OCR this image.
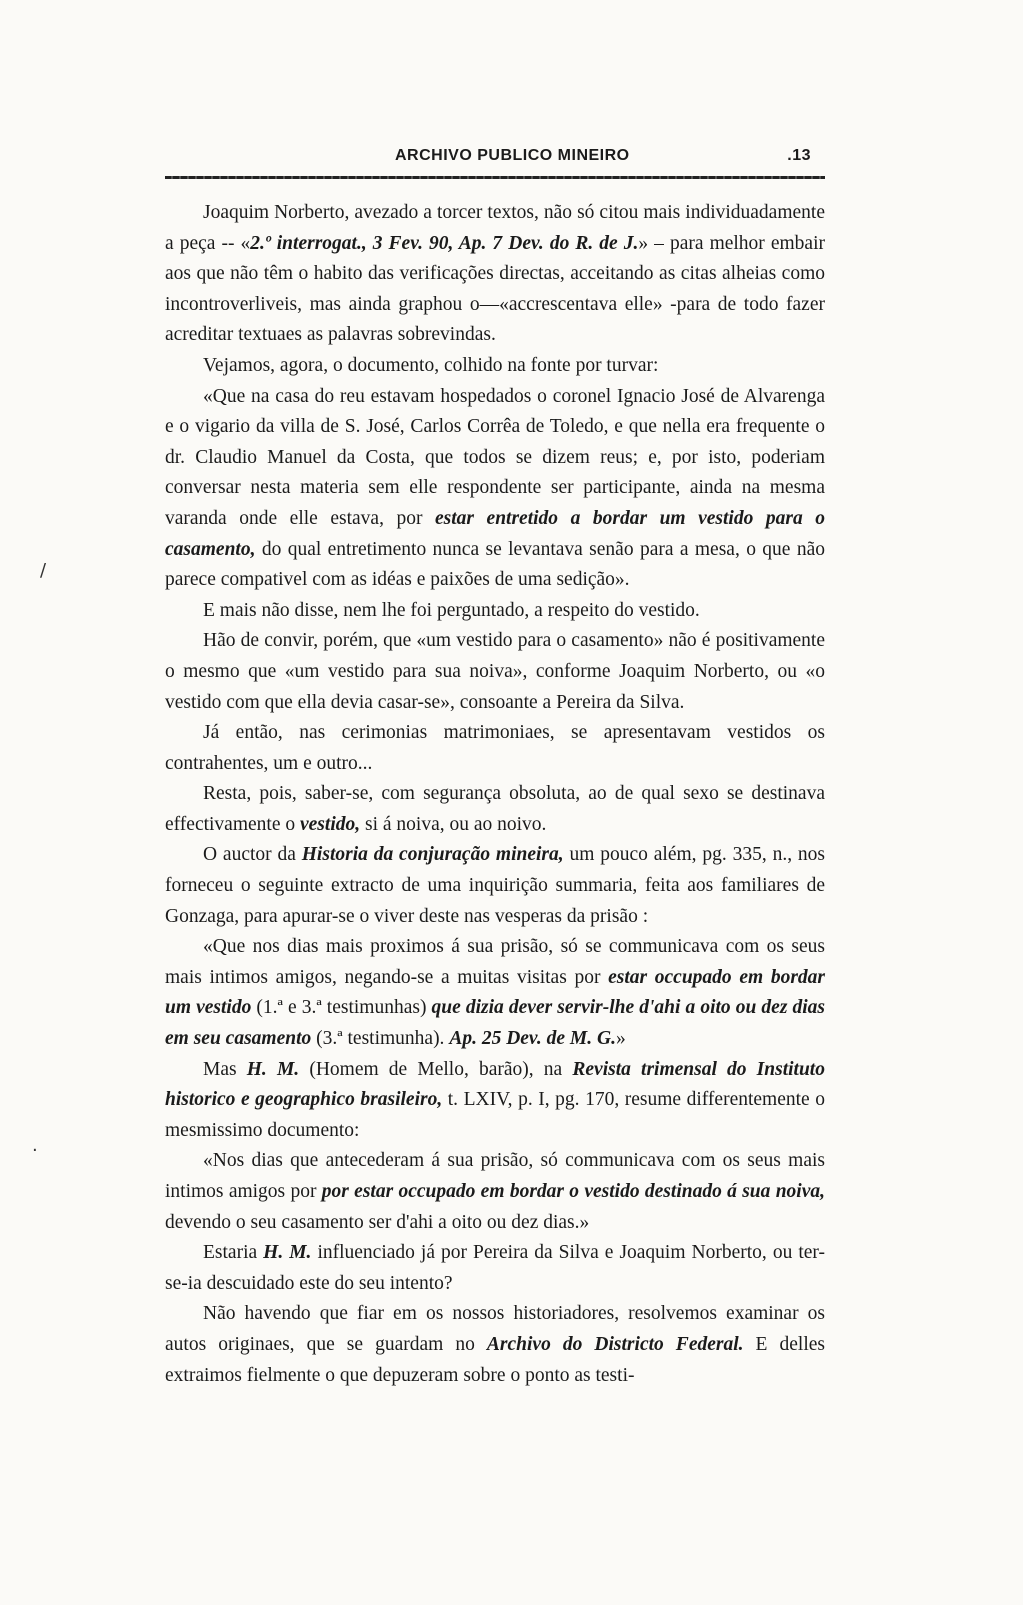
ARCHIVO PUBLICO MINEIRO	.13

Joaquim Norberto, avezado a torcer textos, não só citou mais individuadamente a peça -- «2.º interrogat., 3 Fev. 90, Ap. 7 Dev. do R. de J.» – para melhor embair aos que não têm o habito das verificações directas, acceitando as citas alheias como incontroverliveis, mas ainda graphou o—«accrescentava elle» -para de todo fazer acreditar textuaes as palavras sobrevindas.

Vejamos, agora, o documento, colhido na fonte por turvar:

«Que na casa do reu estavam hospedados o coronel Ignacio José de Alvarenga e o vigario da villa de S. José, Carlos Corrêa de Toledo, e que nella era frequente o dr. Claudio Manuel da Costa, que todos se dizem reus; e, por isto, poderiam conversar nesta materia sem elle respondente ser participante, ainda na mesma varanda onde elle estava, por estar entretido a bordar um vestido para o casamento, do qual entretimento nunca se levantava senão para a mesa, o que não parece compativel com as idéas e paixões de uma sedição».

E mais não disse, nem lhe foi perguntado, a respeito do vestido.

Hão de convir, porém, que «um vestido para o casamento» não é positivamente o mesmo que «um vestido para sua noiva», conforme Joaquim Norberto, ou «o vestido com que ella devia casar-se», consoante a Pereira da Silva.

Já então, nas cerimonias matrimoniaes, se apresentavam vestidos os contrahentes, um e outro...

Resta, pois, saber-se, com segurança obsoluta, ao de qual sexo se destinava effectivamente o vestido, si á noiva, ou ao noivo.

O auctor da Historia da conjuração mineira, um pouco além, pg. 335, n., nos forneceu o seguinte extracto de uma inquirição summaria, feita aos familiares de Gonzaga, para apurar-se o viver deste nas vesperas da prisão :

«Que nos dias mais proximos á sua prisão, só se communicava com os seus mais intimos amigos, negando-se a muitas visitas por estar occupado em bordar um vestido (1.ª e 3.ª testimunhas) que dizia dever servir-lhe d'ahi a oito ou dez dias em seu casamento (3.ª testimunha). Ap. 25 Dev. de M. G.»

Mas H. M. (Homem de Mello, barão), na Revista trimensal do Instituto historico e geographico brasileiro, t. LXIV, p. I, pg. 170, resume differentemente o mesmissimo documento:

«Nos dias que antecederam á sua prisão, só communicava com os seus mais intimos amigos por por estar occupado em bordar o vestido destinado á sua noiva, devendo o seu casamento ser d'ahi a oito ou dez dias.»

Estaria H. M. influenciado já por Pereira da Silva e Joaquim Norberto, ou ter-se-ia descuidado este do seu intento?

Não havendo que fiar em os nossos historiadores, resolvemos examinar os autos originaes, que se guardam no Archivo do Districto Federal. E delles extraimos fielmente o que depuzeram sobre o ponto as testi-

/
·
